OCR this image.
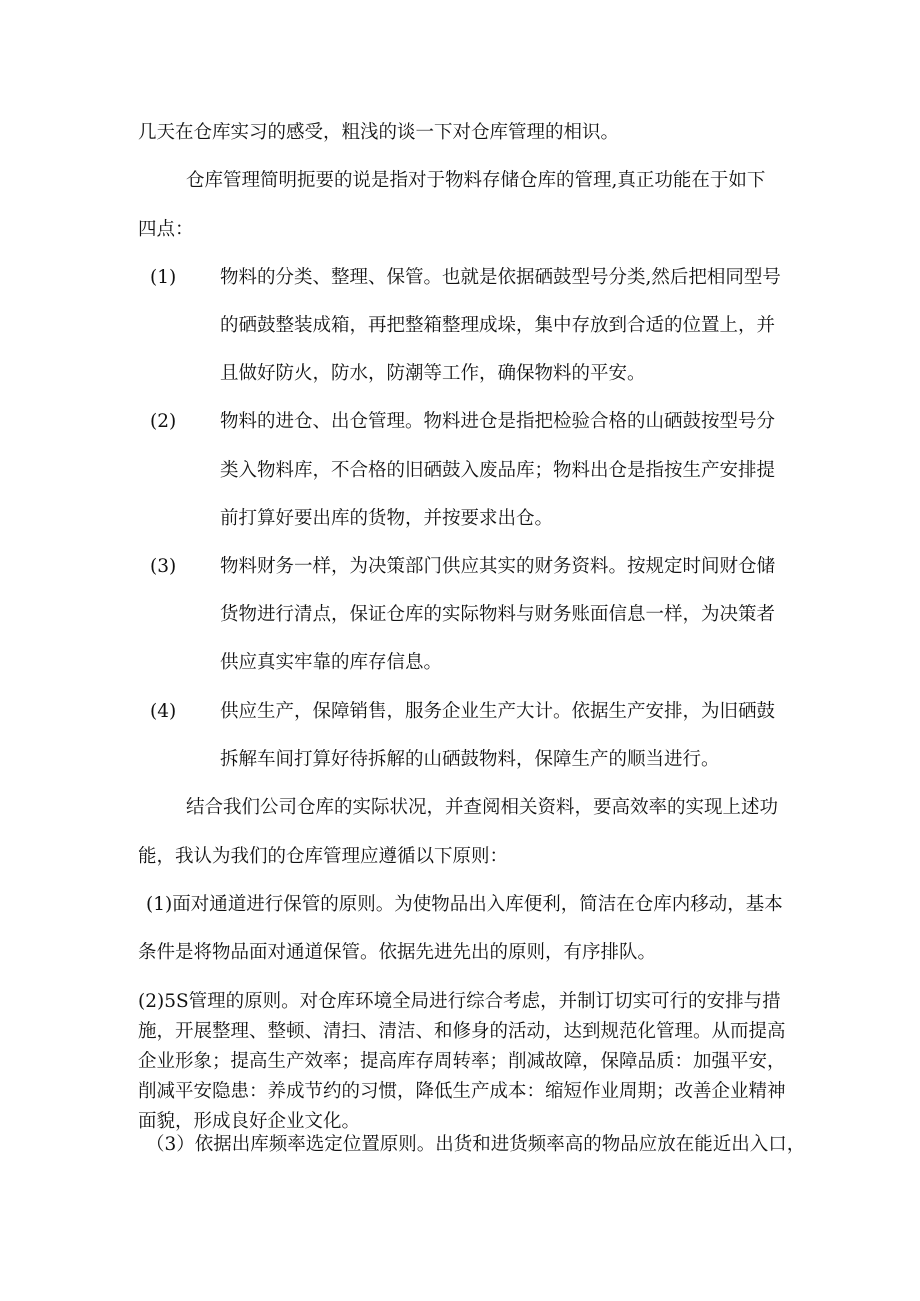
几天在仓库实习的感受，粗浅的谈一下对仓库管理的相识。
仓库管理简明扼要的说是指对于物料存储仓库的管理,真正功能在于如下
四点：
(1) 物料的分类、整理、保管。也就是依据硒鼓型号分类,然后把相同型号
的硒鼓整装成箱，再把整箱整理成垛，集中存放到合适的位置上，并
且做好防火，防水，防潮等工作，确保物料的平安。
(2) 物料的进仓、出仓管理。物料进仓是指把检验合格的山硒鼓按型号分
类入物料库，不合格的旧硒鼓入废品库；物料出仓是指按生产安排提
前打算好要出库的货物，并按要求出仓。
(3) 物料财务一样，为决策部门供应其实的财务资料。按规定时间财仓储
货物进行清点，保证仓库的实际物料与财务账面信息一样，为决策者
供应真实牢靠的库存信息。
(4) 供应生产，保障销售，服务企业生产大计。依据生产安排，为旧硒鼓
拆解车间打算好待拆解的山硒鼓物料，保障生产的顺当进行。
结合我们公司仓库的实际状况，并查阅相关资料，要高效率的实现上述功
能，我认为我们的仓库管理应遵循以下原则：
(1)面对通道进行保管的原则。为使物品出入库便利，简洁在仓库内移动，基本
条件是将物品面对通道保管。依据先进先出的原则，有序排队。
(2)5S管理的原则。对仓库环境全局进行综合考虑，并制订切实可行的安排与措
施，开展整理、整顿、清扫、清洁、和修身的活动，达到规范化管理。从而提高
企业形象；提高生产效率；提高库存周转率；削减故障，保障品质：加强平安，
削减平安隐患：养成节约的习惯，降低生产成本：缩短作业周期；改善企业精神
面貌，形成良好企业文化。
（3）依据出库频率选定位置原则。出货和进货频率高的物品应放在能近出入口，
